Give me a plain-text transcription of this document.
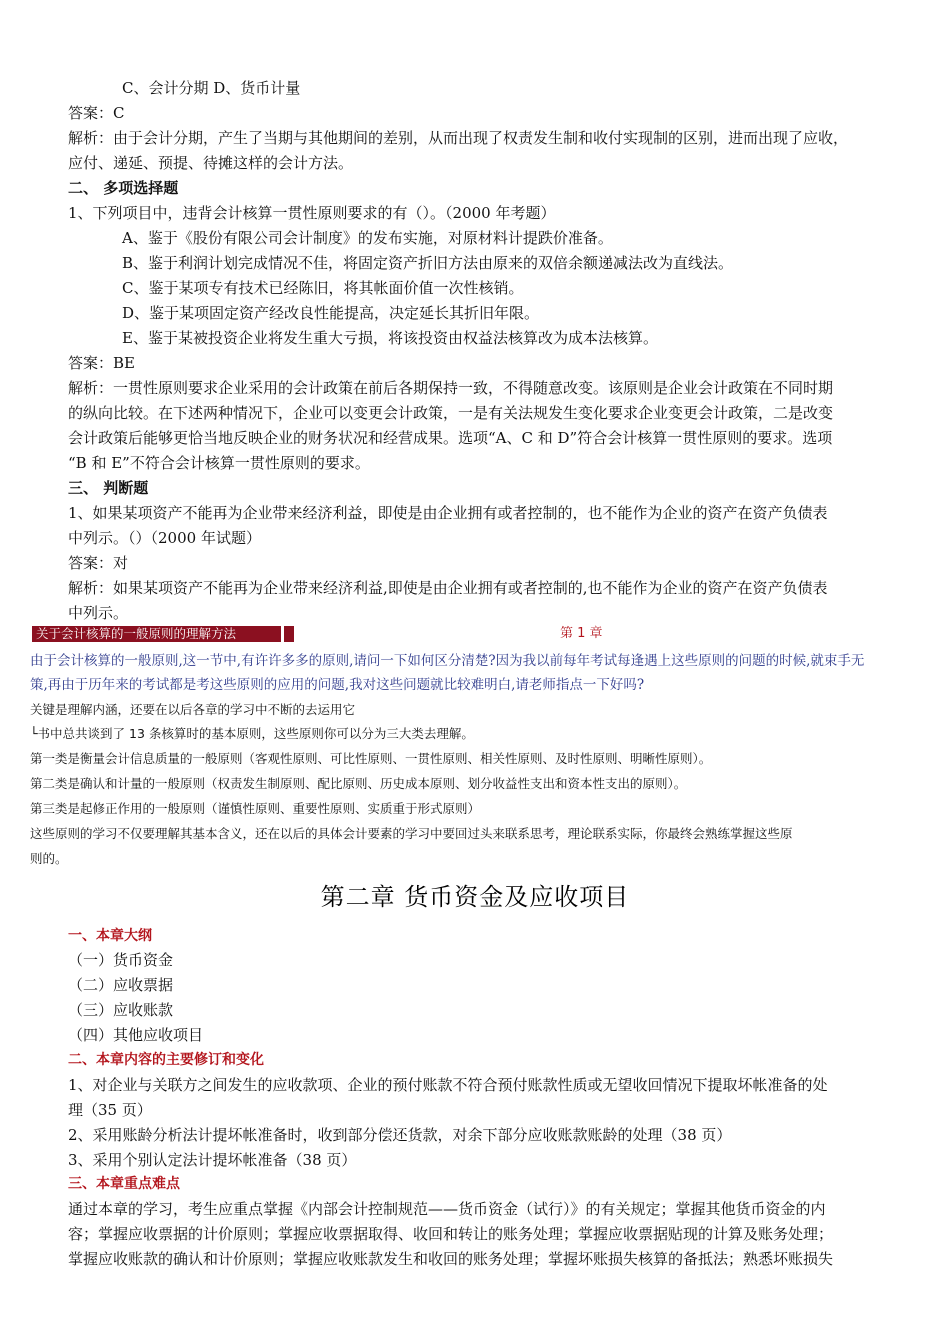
C、会计分期 D、货币计量
答案：C
解析：由于会计分期，产生了当期与其他期间的差别，从而出现了权责发生制和收付实现制的区别，进而出现了应收，
应付、递延、预提、待摊这样的会计方法。
二、 多项选择题
1、下列项目中，违背会计核算一贯性原则要求的有（）。（2000 年考题）
A、鉴于《股份有限公司会计制度》的发布实施，对原材料计提跌价准备。
B、鉴于利润计划完成情况不佳，将固定资产折旧方法由原来的双倍余额递减法改为直线法。
C、鉴于某项专有技术已经陈旧，将其帐面价值一次性核销。
D、鉴于某项固定资产经改良性能提高，决定延长其折旧年限。
E、鉴于某被投资企业将发生重大亏损，将该投资由权益法核算改为成本法核算。
答案：BE
解析：一贯性原则要求企业采用的会计政策在前后各期保持一致，不得随意改变。该原则是企业会计政策在不同时期
的纵向比较。在下述两种情况下，企业可以变更会计政策，一是有关法规发生变化要求企业变更会计政策，二是改变
会计政策后能够更恰当地反映企业的财务状况和经营成果。选项“A、C 和 D”符合会计核算一贯性原则的要求。选项
“B 和 E”不符合会计核算一贯性原则的要求。
三、 判断题
1、如果某项资产不能再为企业带来经济利益，即使是由企业拥有或者控制的，也不能作为企业的资产在资产负债表
中列示。（）（2000 年试题）
答案：对
解析：如果某项资产不能再为企业带来经济利益,即使是由企业拥有或者控制的,也不能作为企业的资产在资产负债表
中列示。
关于会计核算的一般原则的理解方法	第 1 章
由于会计核算的一般原则,这一节中,有许许多多的原则,请问一下如何区分清楚?因为我以前每年考试每逢遇上这些原则的问题的时候,就束手无
策,再由于历年来的考试都是考这些原则的应用的问题,我对这些问题就比较难明白,请老师指点一下好吗?
关键是理解内涵，还要在以后各章的学习中不断的去运用它
└书中总共谈到了 13 条核算时的基本原则，这些原则你可以分为三大类去理解。
第一类是衡量会计信息质量的一般原则（客观性原则、可比性原则、一贯性原则、相关性原则、及时性原则、明晰性原则）。
第二类是确认和计量的一般原则（权责发生制原则、配比原则、历史成本原则、划分收益性支出和资本性支出的原则）。
第三类是起修正作用的一般原则（谨慎性原则、重要性原则、实质重于形式原则）
这些原则的学习不仅要理解其基本含义，还在以后的具体会计要素的学习中要回过头来联系思考，理论联系实际，你最终会熟练掌握这些原
则的。
第二章 货币资金及应收项目
一、本章大纲
（一）货币资金
（二）应收票据
（三）应收账款
（四）其他应收项目
二、本章内容的主要修订和变化
1、对企业与关联方之间发生的应收款项、企业的预付账款不符合预付账款性质或无望收回情况下提取坏帐准备的处
理（35 页）
2、采用账龄分析法计提坏帐准备时，收到部分偿还货款，对余下部分应收账款账龄的处理（38 页）
3、采用个别认定法计提坏帐准备（38 页）
三、本章重点难点
通过本章的学习，考生应重点掌握《内部会计控制规范——货币资金（试行）》的有关规定；掌握其他货币资金的内
容；掌握应收票据的计价原则；掌握应收票据取得、收回和转让的账务处理；掌握应收票据贴现的计算及账务处理；
掌握应收账款的确认和计价原则；掌握应收账款发生和收回的账务处理；掌握坏账损失核算的备抵法；熟悉坏账损失
